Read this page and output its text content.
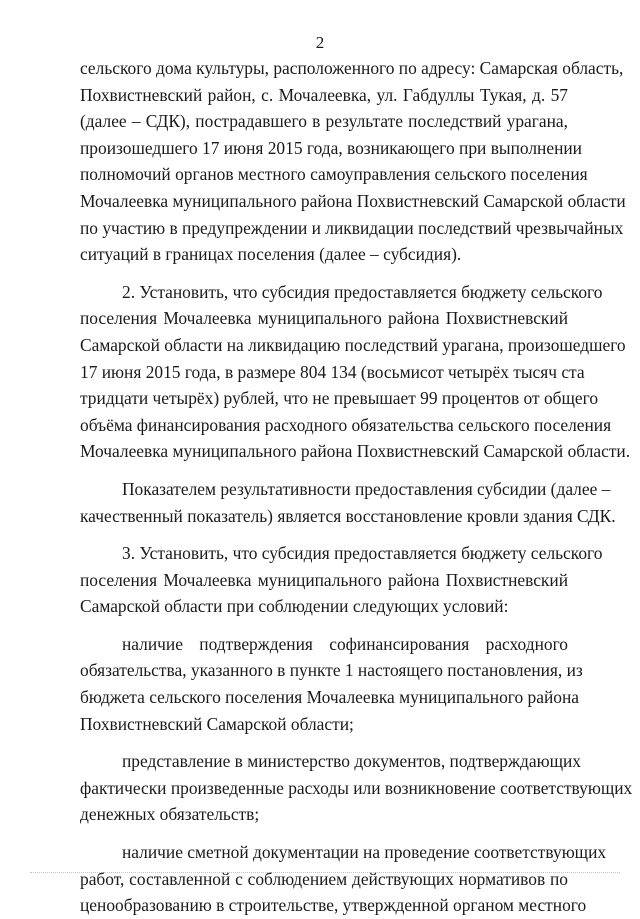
2
сельского дома культуры, расположенного по адресу: Самарская область,
Похвистневский район, с. Мочалеевка, ул. Габдуллы Тукая, д. 57
(далее – СДК), пострадавшего в результате последствий урагана,
произошедшего 17 июня 2015 года, возникающего при выполнении
полномочий органов местного самоуправления сельского поселения
Мочалеевка муниципального района Похвистневский Самарской области
по участию в предупреждении и ликвидации последствий чрезвычайных
ситуаций в границах поселения (далее – субсидия).
2. Установить, что субсидия предоставляется бюджету сельского
поселения Мочалеевка муниципального района Похвистневский
Самарской области на ликвидацию последствий урагана, произошедшего
17 июня 2015 года, в размере 804 134 (восьмисот четырёх тысяч ста
тридцати четырёх) рублей, что не превышает 99 процентов от общего
объёма финансирования расходного обязательства сельского поселения
Мочалеевка муниципального района Похвистневский Самарской области.
Показателем результативности предоставления субсидии (далее –
качественный показатель) является восстановление кровли здания СДК.
3. Установить, что субсидия предоставляется бюджету сельского
поселения Мочалеевка муниципального района Похвистневский
Самарской области при соблюдении следующих условий:
наличие подтверждения софинансирования расходного
обязательства, указанного в пункте 1 настоящего постановления, из
бюджета сельского поселения Мочалеевка муниципального района
Похвистневский Самарской области;
представление в министерство документов, подтверждающих
фактически произведенные расходы или возникновение соответствующих
денежных обязательств;
наличие сметной документации на проведение соответствующих
работ, составленной с соблюдением действующих нормативов по
ценообразованию в строительстве, утвержденной органом местного
